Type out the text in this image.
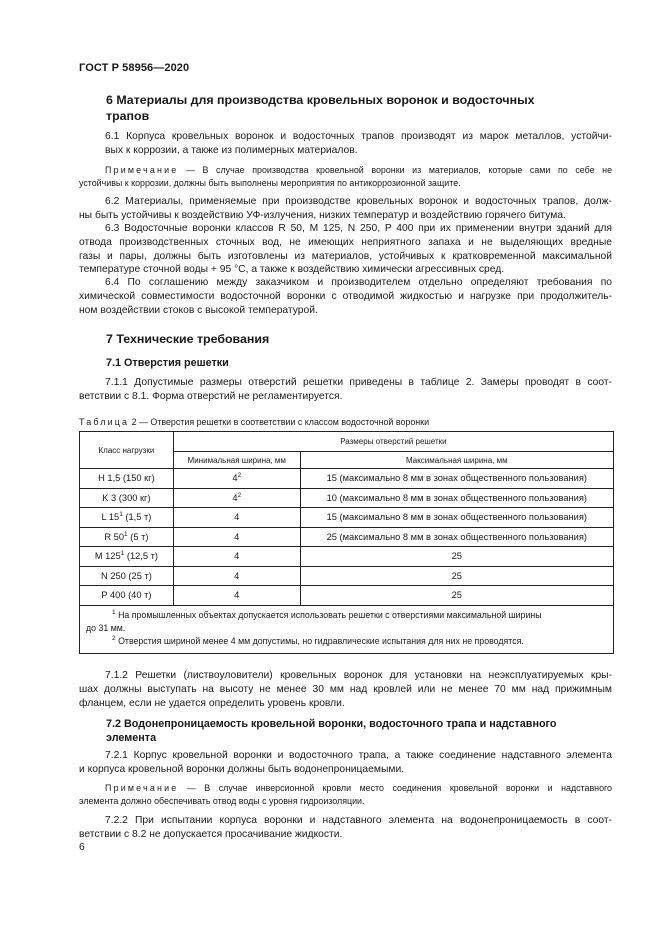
ГОСТ Р 58956—2020
6 Материалы для производства кровельных воронок и водосточных
трапов
6.1 Корпуса кровельных воронок и водосточных трапов производят из марок металлов, устойчи-
вых к коррозии, а также из полимерных материалов.
Примечание — В случае производства кровельной воронки из материалов, которые сами по себе не
устойчивы к коррозии, должны быть выполнены мероприятия по антикоррозионной защите.
6.2 Материалы, применяемые при производстве кровельных воронок и водосточных трапов, долж-
ны быть устойчивы к воздействию УФ-излучения, низких температур и воздействию горячего битума.
6.3 Водосточные воронки классов R 50, M 125, N 250, P 400 при их применении внутри зданий для
отвода производственных сточных вод, не имеющих неприятного запаха и не выделяющих вредные
газы и пары, должны быть изготовлены из материалов, устойчивых к кратковременной максимальной
температуре сточной воды + 95 °С, а также к воздействию химически агрессивных сред.
6.4 По соглашению между заказчиком и производителем отдельно определяют требования по
химической совместимости водосточной воронки с отводимой жидкостью и нагрузке при продолжитель-
ном воздействии стоков с высокой температурой.
7 Технические требования
7.1 Отверстия решетки
7.1.1 Допустимые размеры отверстий решетки приведены в таблице 2. Замеры проводят в соот-
ветствии с 8.1. Форма отверстий не регламентируется.
Таблица 2 — Отверстия решетки в соответствии с классом водосточной воронки
Класс нагрузки	Размеры отверстий решетки	
	Минимальная ширина, мм	Максимальная ширина, мм
H 1,5 (150 кг)	$4^2$	15 (максимально 8 мм в зонах общественного пользования)
K 3 (300 кг)	$4^2$	10 (максимально 8 мм в зонах общественного пользования)
L $15^1$ (1,5 т)	4	15 (максимально 8 мм в зонах общественного пользования)
R $50^1$ (5 т)	4	25 (максимально 8 мм в зонах общественного пользования)
M $125^1$ (12,5 т)	4	25
N 250 (25 т)	4	25
P 400 (40 т)	4	25

$^1$ На промышленных объектах допускается использовать решетки с отверстиями максимальной ширины
до 31 мм.
$^2$ Отверстия шириной менее 4 мм допустимы, но гидравлические испытания для них не проводятся.		
7.1.2 Решетки (листвоуловители) кровельных воронок для установки на неэксплуатируемых кры-
шах должны выступать на высоту не менее 30 мм над кровлей или не менее 70 мм над прижимным
фланцем, если не удается определить уровень кровли.
7.2 Водонепроницаемость кровельной воронки, водосточного трапа и надставного
элемента
7.2.1 Корпус кровельной воронки и водосточного трапа, а также соединение надставного элемента
и корпуса кровельной воронки должны быть водонепроницаемыми.
Примечание — В случае инверсионной кровли место соединения кровельной воронки и надставного
элемента должно обеспечивать отвод воды с уровня гидроизоляции.
7.2.2 При испытании корпуса воронки и надставного элемента на водонепроницаемость в соот-
ветствии с 8.2 не допускается просачивание жидкости.
6
